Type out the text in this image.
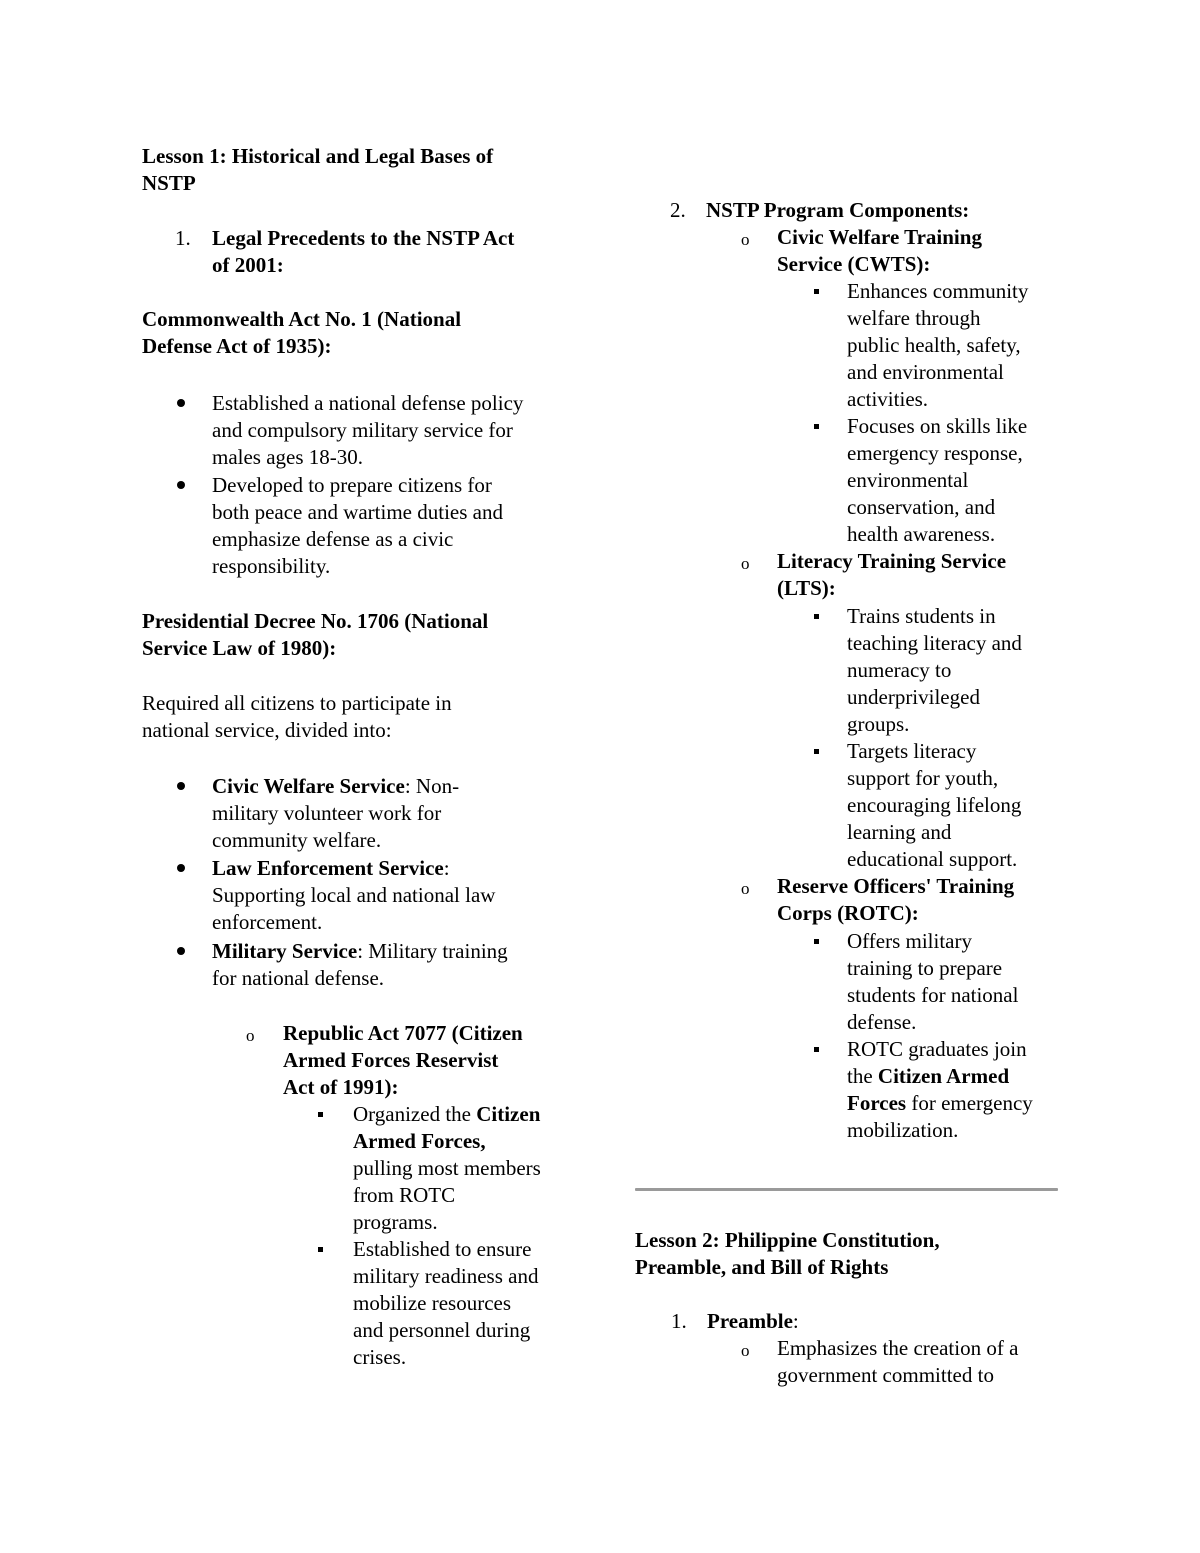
Lesson 1: Historical and Legal Bases of
NSTP
1. Legal Precedents to the NSTP Act
of 2001:
Commonwealth Act No. 1 (National
Defense Act of 1935):
Established a national defense policy
and compulsory military service for
males ages 18-30.
Developed to prepare citizens for
both peace and wartime duties and
emphasize defense as a civic
responsibility.
Presidential Decree No. 1706 (National
Service Law of 1980):
Required all citizens to participate in
national service, divided into:
Civic Welfare Service: Non-
military volunteer work for
community welfare.
Law Enforcement Service:
Supporting local and national law
enforcement.
Military Service: Military training
for national defense.
o Republic Act 7077 (Citizen
Armed Forces Reservist
Act of 1991):
Organized the Citizen
Armed Forces,
pulling most members
from ROTC
programs.
Established to ensure
military readiness and
mobilize resources
and personnel during
crises.
2. NSTP Program Components:
o Civic Welfare Training
Service (CWTS):
Enhances community
welfare through
public health, safety,
and environmental
activities.
Focuses on skills like
emergency response,
environmental
conservation, and
health awareness.
o Literacy Training Service
(LTS):
Trains students in
teaching literacy and
numeracy to
underprivileged
groups.
Targets literacy
support for youth,
encouraging lifelong
learning and
educational support.
o Reserve Officers' Training
Corps (ROTC):
Offers military
training to prepare
students for national
defense.
ROTC graduates join
the Citizen Armed
Forces for emergency
mobilization.
Lesson 2: Philippine Constitution,
Preamble, and Bill of Rights
1. Preamble:
o Emphasizes the creation of a
government committed to
